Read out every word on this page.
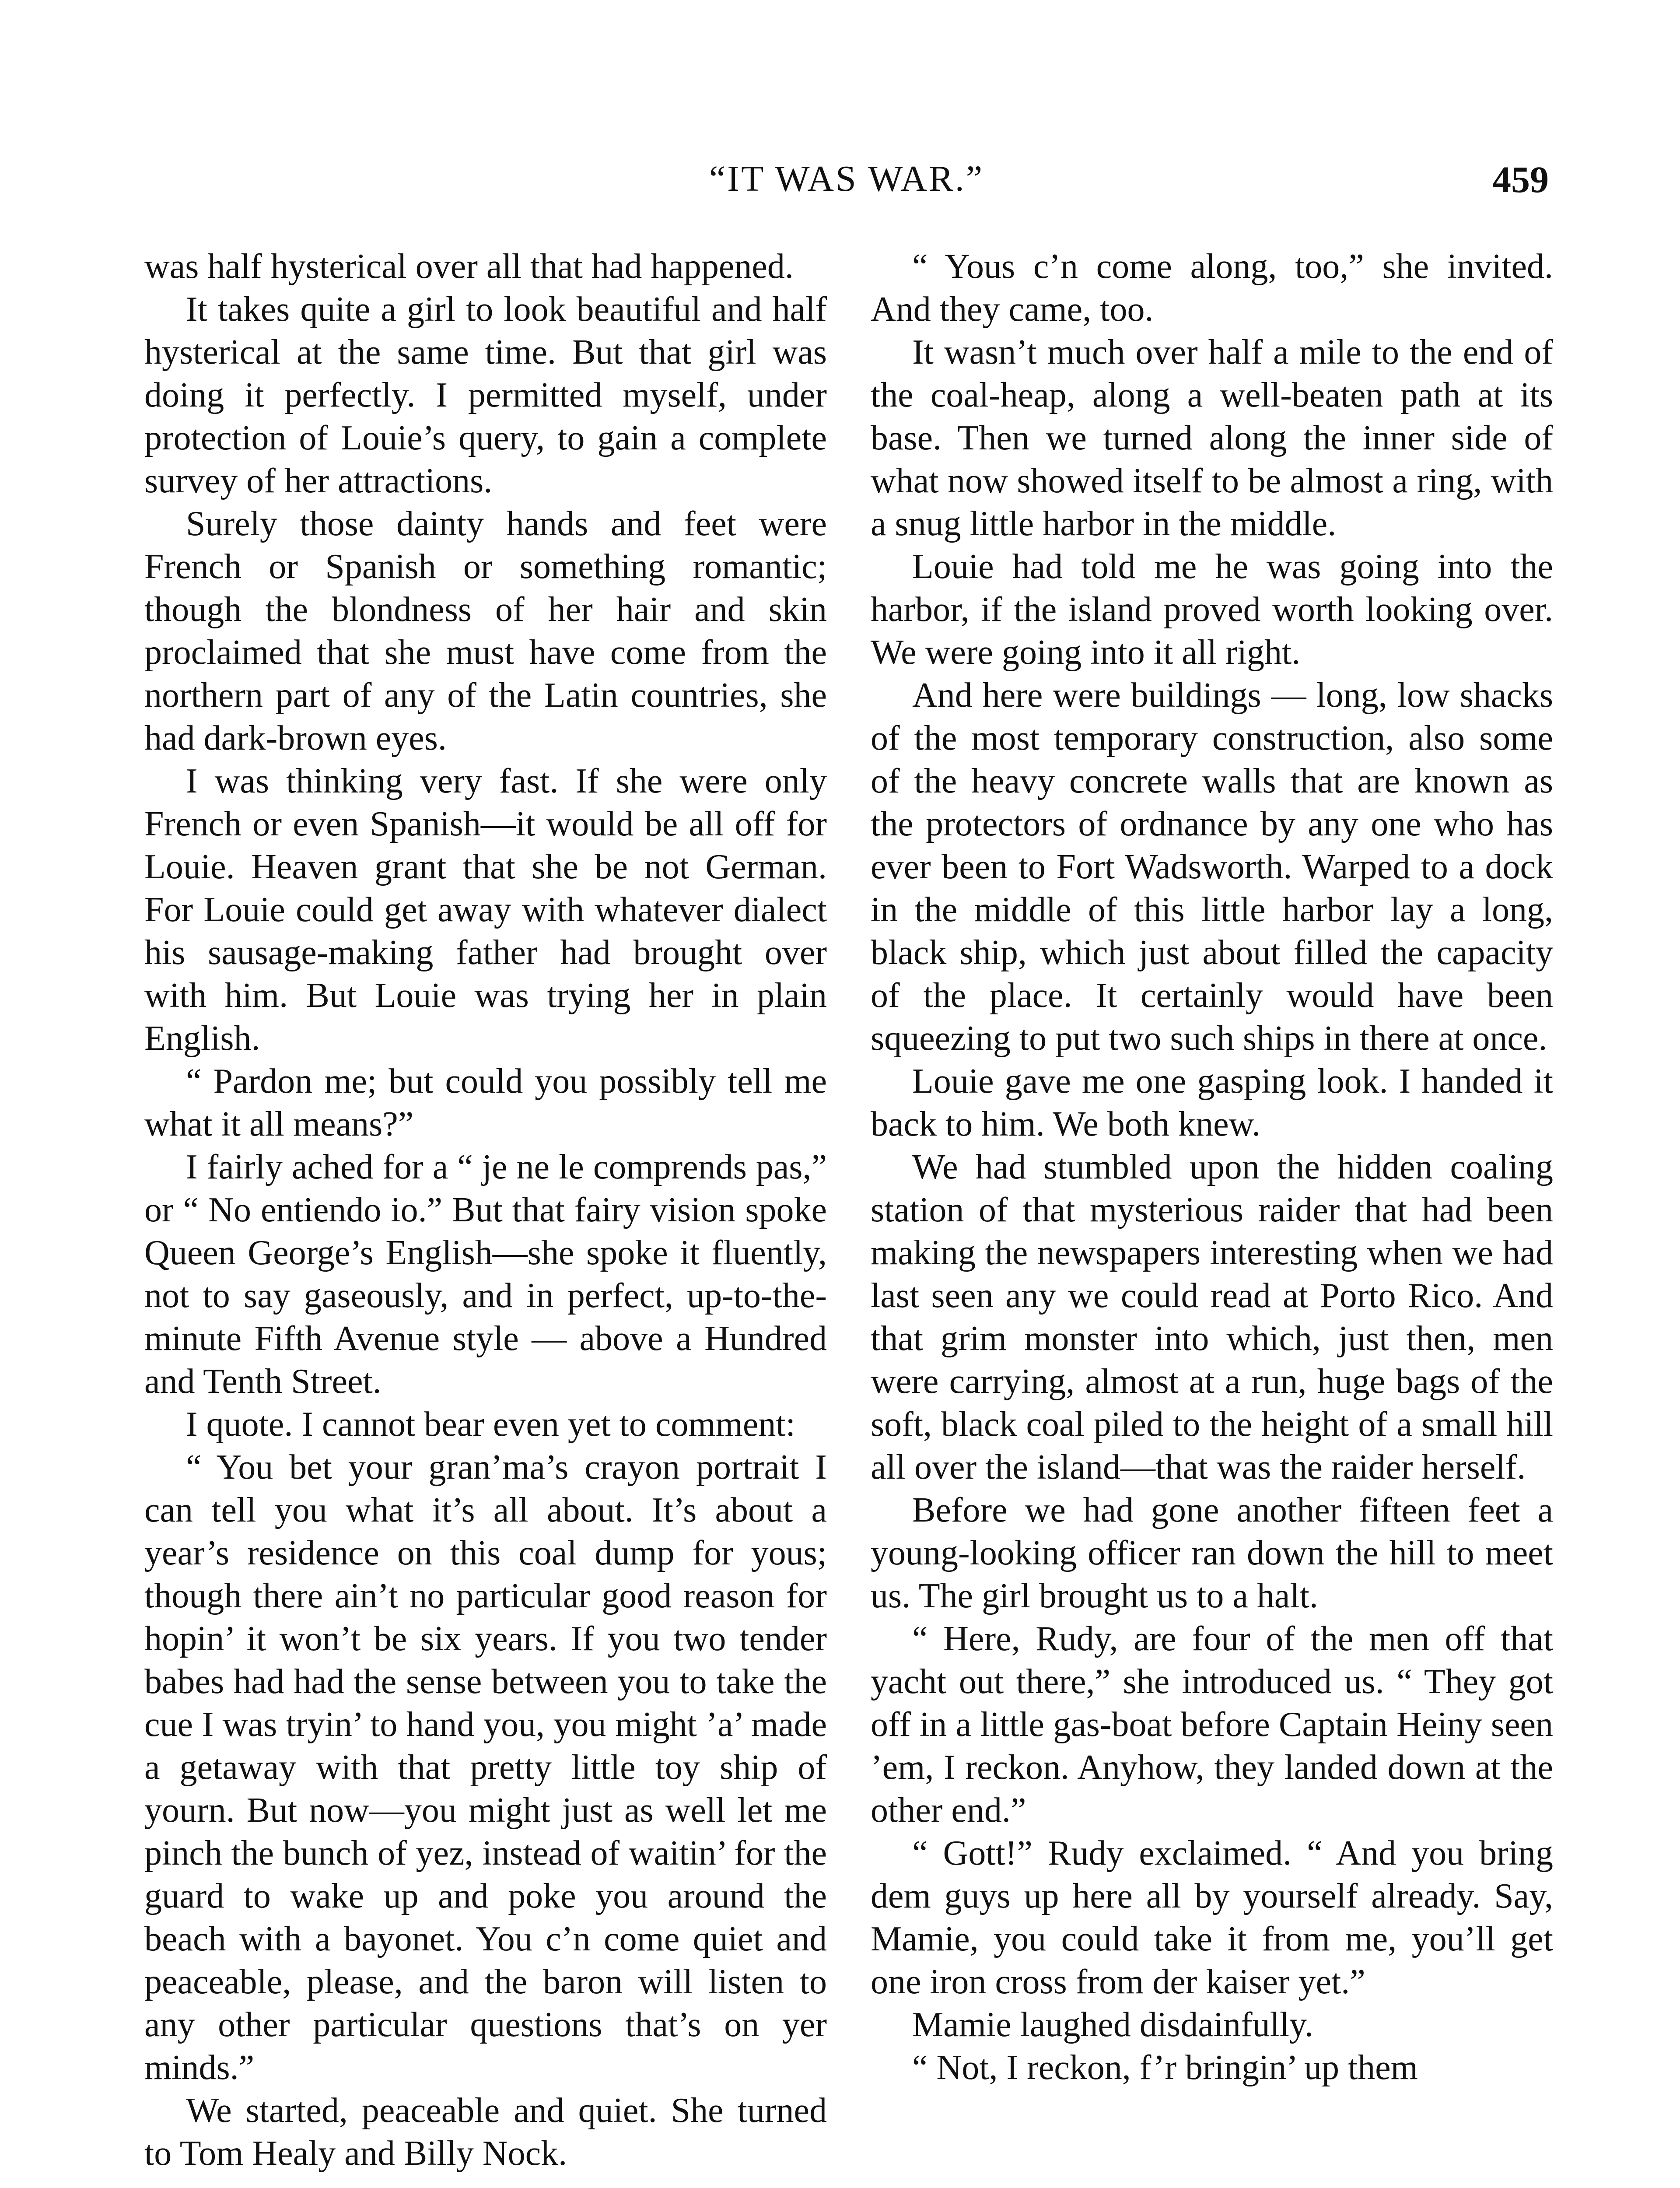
“IT WAS WAR.”	459

was half hysterical over all that had happened.

It takes quite a girl to look beautiful and half hysterical at the same time. But that girl was doing it perfectly. I permitted myself, under protection of Louie’s query, to gain a complete survey of her attractions.

Surely those dainty hands and feet were French or Spanish or something romantic; though the blondness of her hair and skin proclaimed that she must have come from the northern part of any of the Latin countries, she had dark-brown eyes.

I was thinking very fast. If she were only French or even Spanish—it would be all off for Louie. Heaven grant that she be not German. For Louie could get away with whatever dialect his sausage-making father had brought over with him. But Louie was trying her in plain English.

“ Pardon me; but could you possibly tell me what it all means?”

I fairly ached for a “ je ne le comprends pas,” or “ No entiendo io.” But that fairy vision spoke Queen George’s English—she spoke it fluently, not to say gaseously, and in perfect, up-to-the-minute Fifth Avenue style — above a Hundred and Tenth Street.

I quote. I cannot bear even yet to comment:

“ You bet your gran’ma’s crayon portrait I can tell you what it’s all about. It’s about a year’s residence on this coal dump for yous; though there ain’t no particular good reason for hopin’ it won’t be six years. If you two tender babes had had the sense between you to take the cue I was tryin’ to hand you, you might ’a’ made a getaway with that pretty little toy ship of yourn. But now—you might just as well let me pinch the bunch of yez, instead of waitin’ for the guard to wake up and poke you around the beach with a bayonet. You c’n come quiet and peaceable, please, and the baron will listen to any other particular questions that’s on yer minds.”

We started, peaceable and quiet. She turned to Tom Healy and Billy Nock.

“ Yous c’n come along, too,” she invited. And they came, too.

It wasn’t much over half a mile to the end of the coal-heap, along a well-beaten path at its base. Then we turned along the inner side of what now showed itself to be almost a ring, with a snug little harbor in the middle.

Louie had told me he was going into the harbor, if the island proved worth looking over. We were going into it all right.

And here were buildings — long, low shacks of the most temporary construction, also some of the heavy concrete walls that are known as the protectors of ordnance by any one who has ever been to Fort Wadsworth. Warped to a dock in the middle of this little harbor lay a long, black ship, which just about filled the capacity of the place. It certainly would have been squeezing to put two such ships in there at once.

Louie gave me one gasping look. I handed it back to him. We both knew.

We had stumbled upon the hidden coaling station of that mysterious raider that had been making the newspapers interesting when we had last seen any we could read at Porto Rico. And that grim monster into which, just then, men were carrying, almost at a run, huge bags of the soft, black coal piled to the height of a small hill all over the island—that was the raider herself.

Before we had gone another fifteen feet a young-looking officer ran down the hill to meet us. The girl brought us to a halt.

“ Here, Rudy, are four of the men off that yacht out there,” she introduced us. “ They got off in a little gas-boat before Captain Heiny seen ’em, I reckon. Anyhow, they landed down at the other end.”

“ Gott!” Rudy exclaimed. “ And you bring dem guys up here all by yourself already. Say, Mamie, you could take it from me, you’ll get one iron cross from der kaiser yet.”

Mamie laughed disdainfully.

“ Not, I reckon, f’r bringin’ up them
